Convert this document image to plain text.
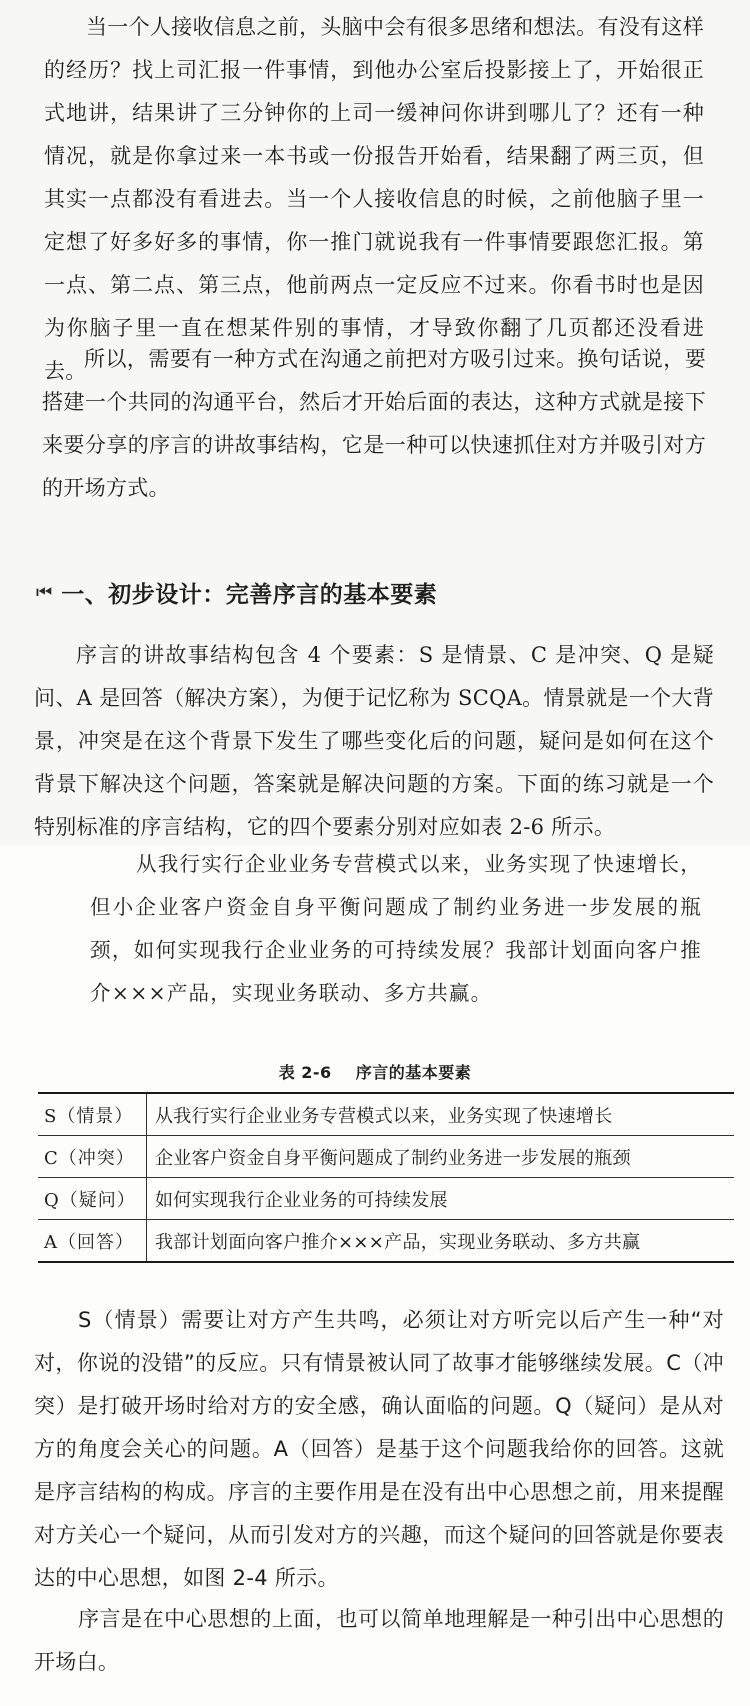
当一个人接收信息之前，头脑中会有很多思绪和想法。有没有这样的经历？找上司汇报一件事情，到他办公室后投影接上了，开始很正式地讲，结果讲了三分钟你的上司一缓神问你讲到哪儿了？还有一种情况，就是你拿过来一本书或一份报告开始看，结果翻了两三页，但其实一点都没有看进去。当一个人接收信息的时候，之前他脑子里一定想了好多好多的事情，你一推门就说我有一件事情要跟您汇报。第一点、第二点、第三点，他前两点一定反应不过来。你看书时也是因为你脑子里一直在想某件别的事情，才导致你翻了几页都还没看进去。

所以，需要有一种方式在沟通之前把对方吸引过来。换句话说，要搭建一个共同的沟通平台，然后才开始后面的表达，这种方式就是接下来要分享的序言的讲故事结构，它是一种可以快速抓住对方并吸引对方的开场方式。

⏮ 一、初步设计：完善序言的基本要素

序言的讲故事结构包含 4 个要素：S 是情景、C 是冲突、Q 是疑问、A 是回答（解决方案），为便于记忆称为 SCQA。情景就是一个大背景，冲突是在这个背景下发生了哪些变化后的问题，疑问是如何在这个背景下解决这个问题，答案就是解决问题的方案。下面的练习就是一个特别标准的序言结构，它的四个要素分别对应如表 2-6 所示。

从我行实行企业业务专营模式以来，业务实现了快速增长，但小企业客户资金自身平衡问题成了制约业务进一步发展的瓶颈，如何实现我行企业业务的可持续发展？我部计划面向客户推介×××产品，实现业务联动、多方共赢。

表 2-6 序言的基本要素
S（情景）	从我行实行企业业务专营模式以来，业务实现了快速增长
C（冲突）	企业客户资金自身平衡问题成了制约业务进一步发展的瓶颈
Q（疑问）	如何实现我行企业业务的可持续发展
A（回答）	我部计划面向客户推介×××产品，实现业务联动、多方共赢

S（情景）需要让对方产生共鸣，必须让对方听完以后产生一种“对对，你说的没错”的反应。只有情景被认同了故事才能够继续发展。C（冲突）是打破开场时给对方的安全感，确认面临的问题。Q（疑问）是从对方的角度会关心的问题。A（回答）是基于这个问题我给你的回答。这就是序言结构的构成。序言的主要作用是在没有出中心思想之前，用来提醒对方关心一个疑问，从而引发对方的兴趣，而这个疑问的回答就是你要表达的中心思想，如图 2-4 所示。

序言是在中心思想的上面，也可以简单地理解是一种引出中心思想的开场白。
